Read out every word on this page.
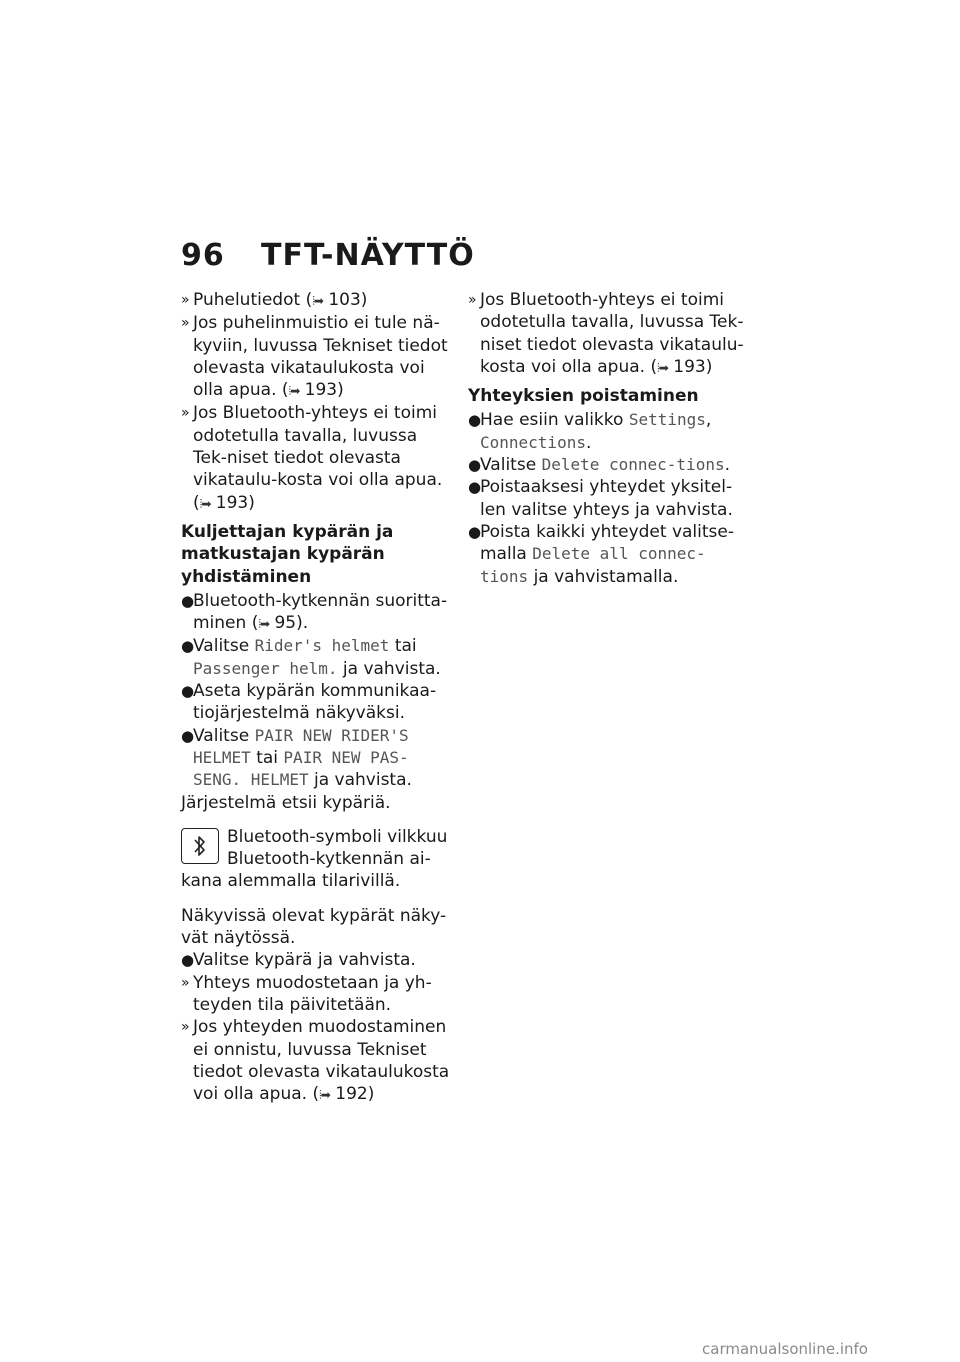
96 TFT-NÄYTTÖ
» Puhelutiedot (⦙➡ 103)
» Jos puhelinmuistio ei tule nä-kyviin, luvussa Tekniset tiedot olevasta vikataulukosta voi olla apua. (⦙➡ 193)
» Jos Bluetooth-yhteys ei toimi odotetulla tavalla, luvussa Tek-niset tiedot olevasta vikataulu-kosta voi olla apua. (⦙➡ 193)
Kuljettajan kypärän ja matkustajan kypärän yhdistäminen
●
Bluetooth-kytkennän suoritta-minen (⦙➡ 95).
●
Valitse Rider's helmet tai Passenger helm. ja vahvista.
●
Aseta kypärän kommunikaa-tiojärjestelmä näkyväksi.
●
Valitse PAIR NEW RIDER'S HELMET tai PAIR NEW PAS-SENG. HELMET ja vahvista.
Järjestelmä etsii kypäriä.
Bluetooth-symboli vilkkuu Bluetooth-kytkennän ai-kana alemmalla tilarivillä.
Näkyvissä olevat kypärät näky-vät näytössä.
●
Valitse kypärä ja vahvista.
» Yhteys muodostetaan ja yh-teyden tila päivitetään.
» Jos yhteyden muodostaminen ei onnistu, luvussa Tekniset tiedot olevasta vikataulukosta voi olla apua. (⦙➡ 192)
» Jos Bluetooth-yhteys ei toimi odotetulla tavalla, luvussa Tek-niset tiedot olevasta vikataulu-kosta voi olla apua. (⦙➡ 193)
Yhteyksien poistaminen
●
Hae esiin valikko Settings, Connections.
●
Valitse Delete connec-tions.
●
Poistaaksesi yhteydet yksitel-len valitse yhteys ja vahvista.
●
Poista kaikki yhteydet valitse-malla Delete all connec-tions ja vahvistamalla.
carmanualsonline.info
